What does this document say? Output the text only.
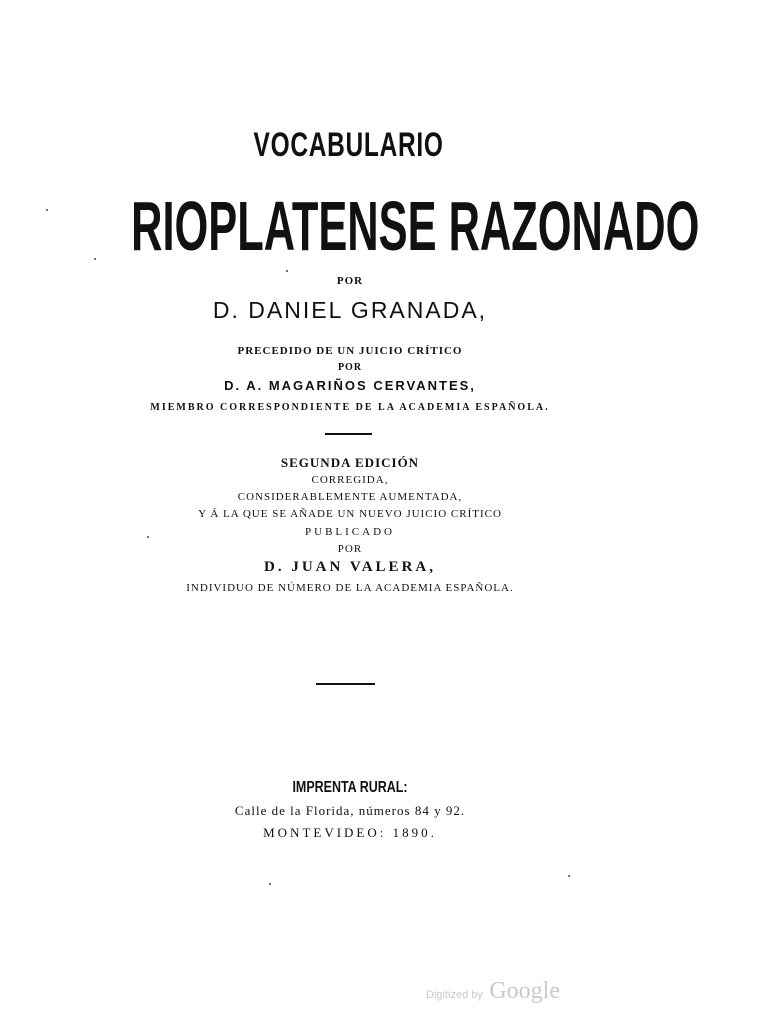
VOCABULARIO
RIOPLATENSE RAZONADO
POR
D. DANIEL GRANADA,
PRECEDIDO DE UN JUICIO CRÍTICO
POR
D. A. MAGARIÑOS CERVANTES,
MIEMBRO CORRESPONDIENTE DE LA ACADEMIA ESPAÑOLA.
SEGUNDA EDICIÓN
CORREGIDA,
CONSIDERABLEMENTE AUMENTADA,
Y Á LA QUE SE AÑADE UN NUEVO JUICIO CRÍTICO
PUBLICADO
POR
D. JUAN VALERA,
INDIVIDUO DE NÚMERO DE LA ACADEMIA ESPAÑOLA.
IMPRENTA RURAL:
Calle de la Florida, números 84 y 92.
MONTEVIDEO: 1890.
Digitized by Google
